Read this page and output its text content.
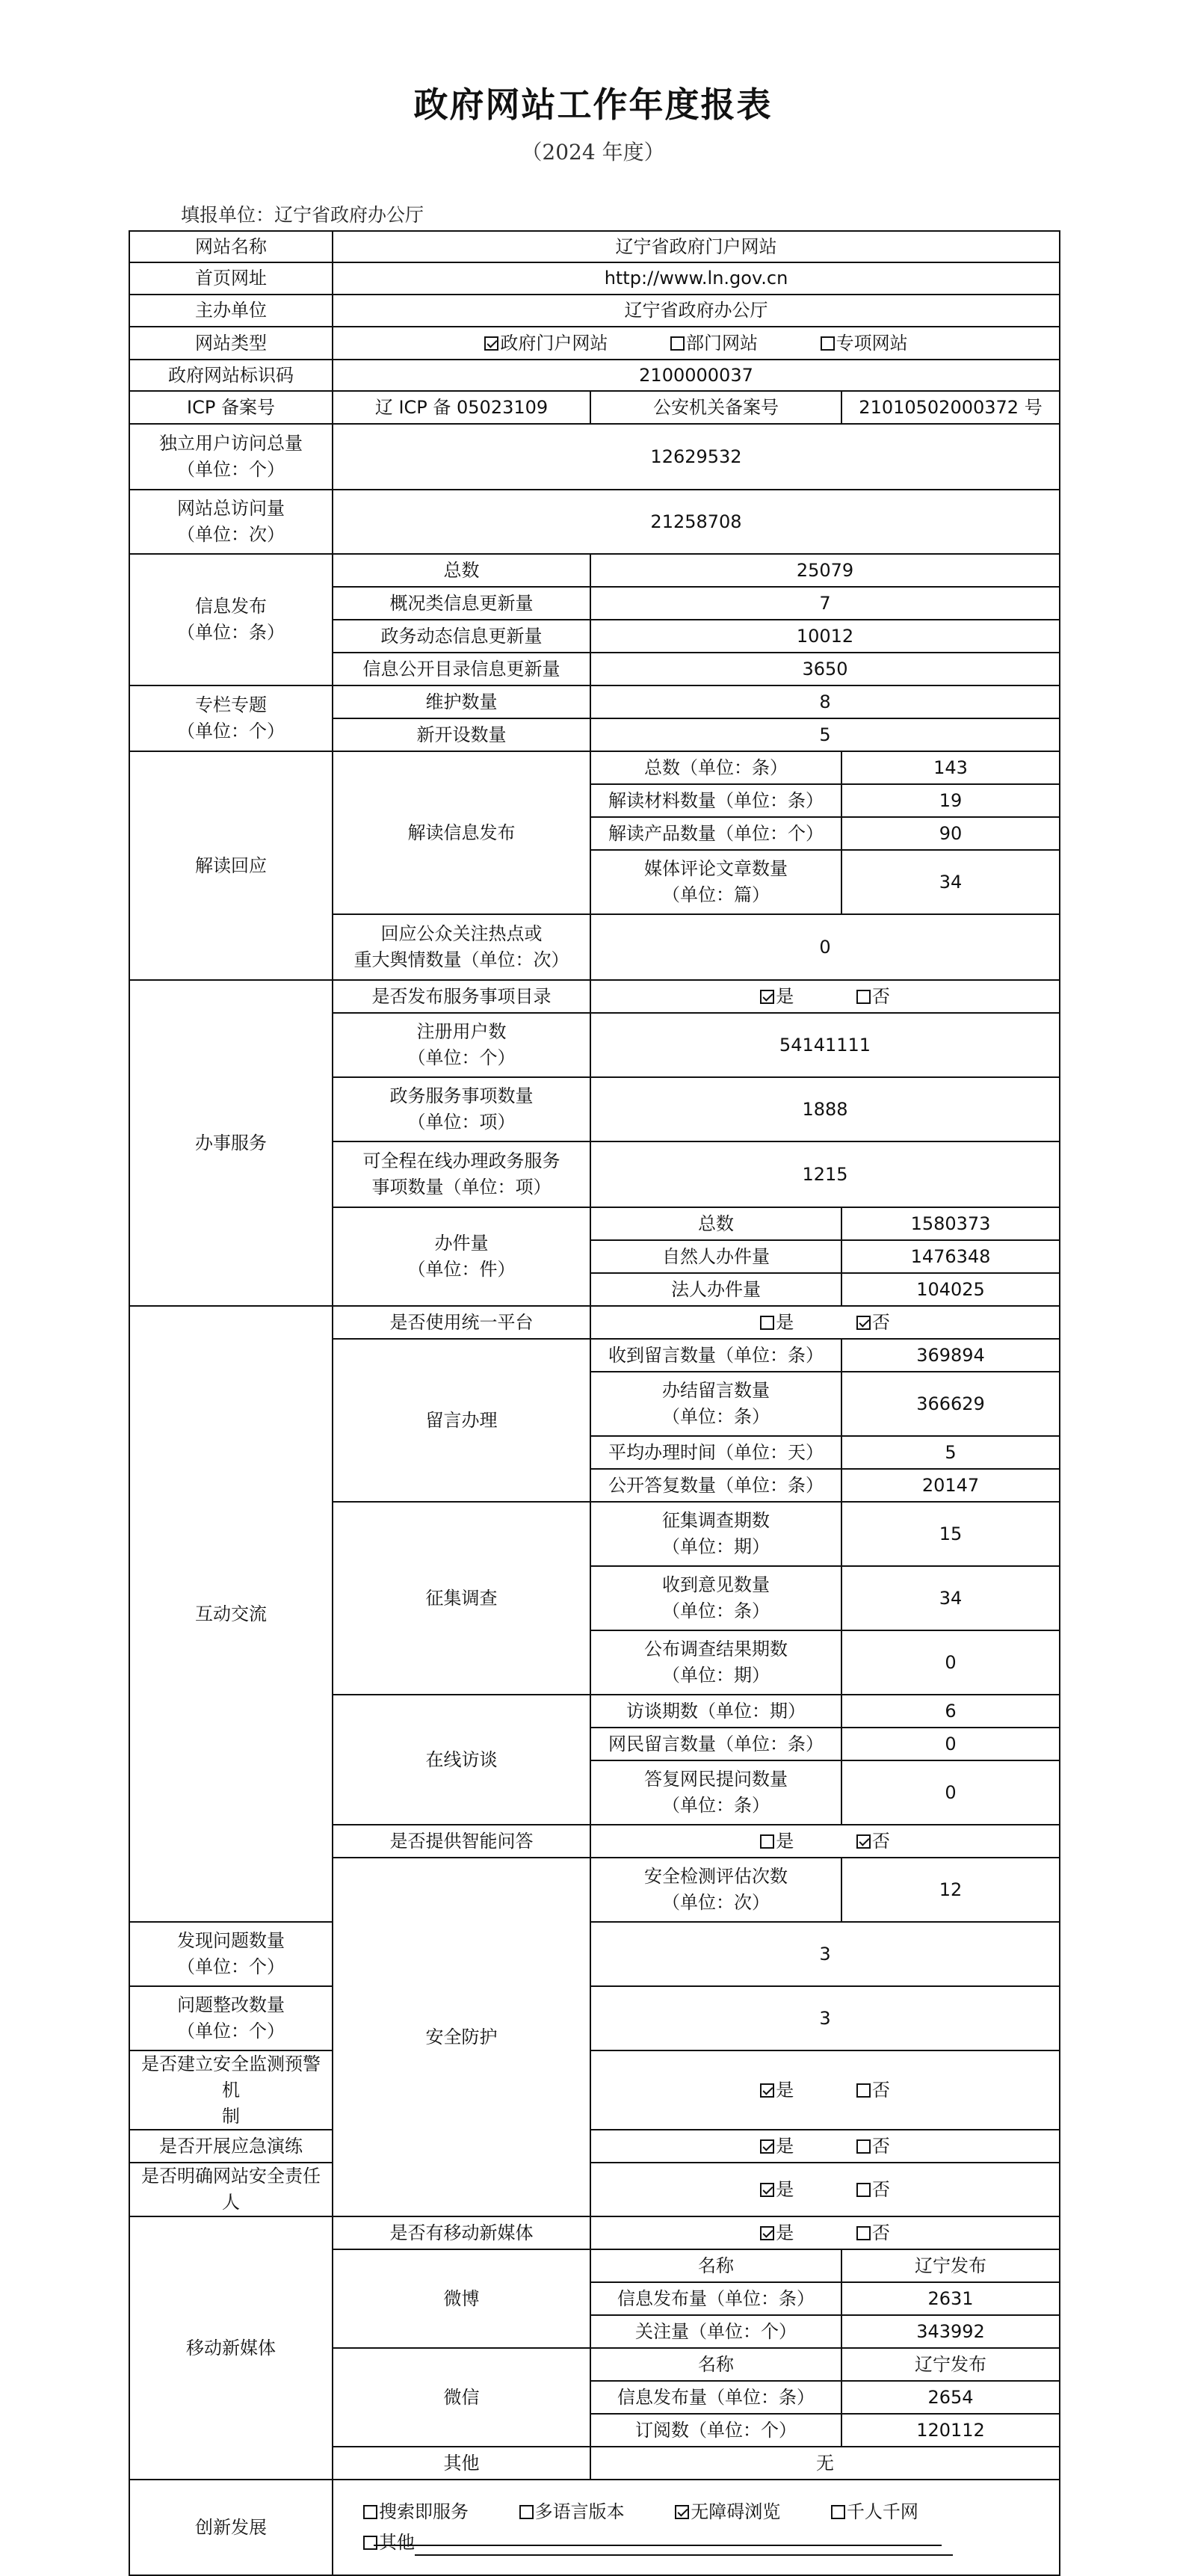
政府网站工作年度报表
（2024 年度）
填报单位：辽宁省政府办公厅
网站名称	辽宁省政府门户网站		
首页网址	http://www.ln.gov.cn		
主办单位	辽宁省政府办公厅		
网站类型	政府门户网站 部门网站 专项网站		
政府网站标识码	2100000037		
ICP 备案号	辽 ICP 备 05023109	公安机关备案号	21010502000372 号

独立用户访问总量
（单位：个）	12629532		

网站总访问量
（单位：次）	21258708		

信息发布
（单位：条）	总数	25079	
	概况类信息更新量	7	
	政务动态信息更新量	10012	
	信息公开目录信息更新量	3650	

专栏专题
（单位：个）	维护数量	8	
	新开设数量	5	
解读回应	解读信息发布	总数（单位：条）	143
		解读材料数量（单位：条）	19
		解读产品数量（单位：个）	90

		媒体评论文章数量
（单位：篇）	34

	回应公众关注热点或
重大舆情数量（单位：次）	0	
办事服务	是否发布服务事项目录	是 否	

	注册用户数
（单位：个）	54141111	

	政务服务事项数量
（单位：项）	1888	

	可全程在线办理政务服务
事项数量（单位：项）	1215	

	办件量
（单位：件）	总数	1580373
		自然人办件量	1476348
		法人办件量	104025
互动交流	是否使用统一平台	是 否	
	留言办理	收到留言数量（单位：条）	369894

		办结留言数量
（单位：条）	366629
		平均办理时间（单位：天）	5
		公开答复数量（单位：条）	20147
	征集调查	征集调查期数
（单位：期）	15

		收到意见数量
（单位：条）	34

		公布调查结果期数
（单位：期）	0
	在线访谈	访谈期数（单位：期）	6
		网民留言数量（单位：条）	0

		答复网民提问数量
（单位：条）	0
	是否提供智能问答	是 否	
	安全防护	安全检测评估次数
（单位：次）	12

发现问题数量
（单位：个）		3	

问题整改数量
（单位：个）		3	

是否建立安全监测预警机
制		是 否	
是否开展应急演练		是 否	
是否明确网站安全责任人		是 否	
移动新媒体	是否有移动新媒体	是 否	
	微博	名称	辽宁发布
		信息发布量（单位：条）	2631
		关注量（单位：个）	343992
	微信	名称	辽宁发布
		信息发布量（单位：条）	2654
		订阅数（单位：个）	120112
	其他	无	
创新发展	搜索即服务 多语言版本 无障碍浏览 千人千网
其他		
